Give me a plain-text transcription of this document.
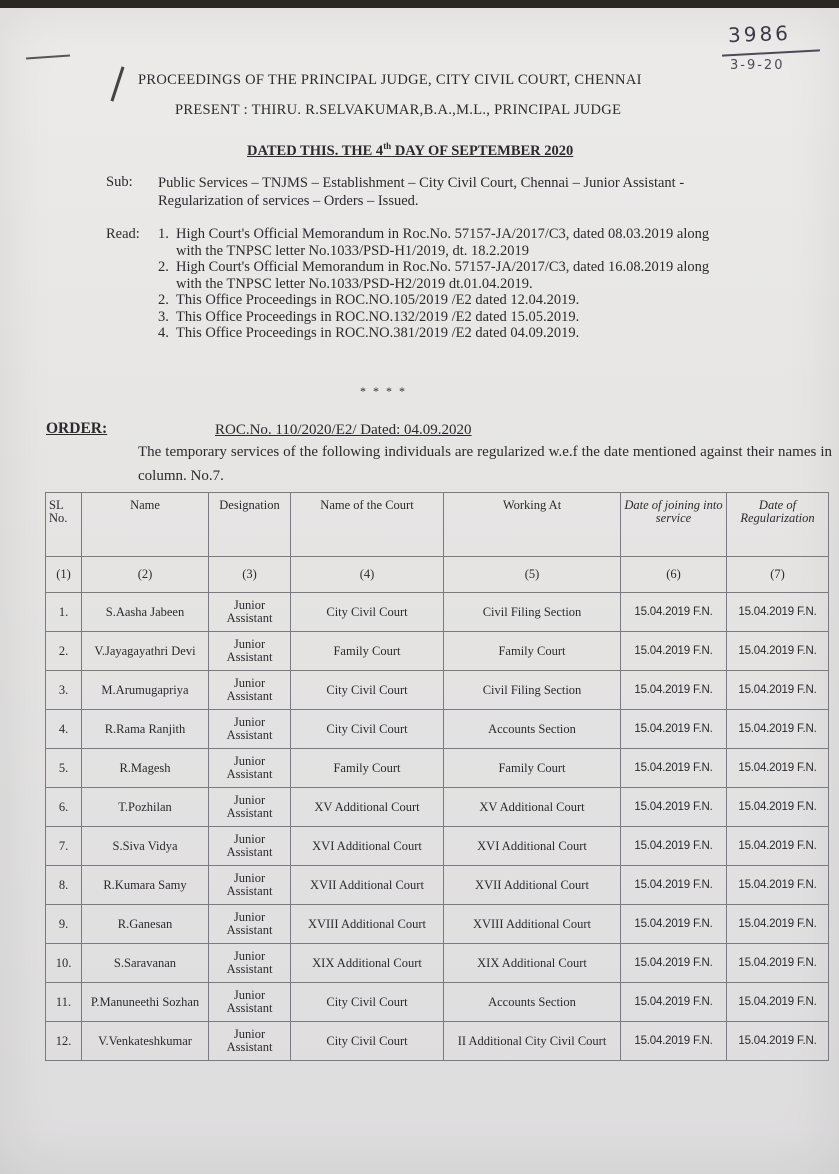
3986
3-9-20
PROCEEDINGS OF THE PRINCIPAL JUDGE, CITY CIVIL COURT, CHENNAI
PRESENT : THIRU. R.SELVAKUMAR,B.A.,M.L., PRINCIPAL JUDGE
DATED THIS. THE 4th DAY OF SEPTEMBER 2020
Sub: Public Services – TNJMS – Establishment – City Civil Court, Chennai – Junior Assistant - Regularization of services – Orders – Issued.
Read: 1. High Court's Official Memorandum in Roc.No. 57157-JA/2017/C3, dated 08.03.2019 along with the TNPSC letter No.1033/PSD-H1/2019, dt. 18.2.2019
2. High Court's Official Memorandum in Roc.No. 57157-JA/2017/C3, dated 16.08.2019 along with the TNPSC letter No.1033/PSD-H2/2019 dt.01.04.2019.
2. This Office Proceedings in ROC.NO.105/2019 /E2 dated 12.04.2019.
3. This Office Proceedings in ROC.NO.132/2019 /E2 dated 15.05.2019.
4. This Office Proceedings in ROC.NO.381/2019 /E2 dated 04.09.2019.
* * * *
ORDER:	ROC.No. 110/2020/E2/ Dated: 04.09.2020
The temporary services of the following individuals are regularized w.e.f the date mentioned against their names in column. No.7.
SL No.	Name	Designation	Name of the Court	Working At	Date of joining into service	Date of Regularization
(1)	(2)	(3)	(4)	(5)	(6)	(7)
1.	S.Aasha Jabeen	Junior Assistant	City Civil Court	Civil Filing Section	15.04.2019 F.N.	15.04.2019 F.N.
2.	V.Jayagayathri Devi	Junior Assistant	Family Court	Family Court	15.04.2019 F.N.	15.04.2019 F.N.
3.	M.Arumugapriya	Junior Assistant	City Civil Court	Civil Filing Section	15.04.2019 F.N.	15.04.2019 F.N.
4.	R.Rama Ranjith	Junior Assistant	City Civil Court	Accounts Section	15.04.2019 F.N.	15.04.2019 F.N.
5.	R.Magesh	Junior Assistant	Family Court	Family Court	15.04.2019 F.N.	15.04.2019 F.N.
6.	T.Pozhilan	Junior Assistant	XV Additional Court	XV Additional Court	15.04.2019 F.N.	15.04.2019 F.N.
7.	S.Siva Vidya	Junior Assistant	XVI Additional Court	XVI Additional Court	15.04.2019 F.N.	15.04.2019 F.N.
8.	R.Kumara Samy	Junior Assistant	XVII Additional Court	XVII Additional Court	15.04.2019 F.N.	15.04.2019 F.N.
9.	R.Ganesan	Junior Assistant	XVIII Additional Court	XVIII Additional Court	15.04.2019 F.N.	15.04.2019 F.N.
10.	S.Saravanan	Junior Assistant	XIX Additional Court	XIX Additional Court	15.04.2019 F.N.	15.04.2019 F.N.
11.	P.Manuneethi Sozhan	Junior Assistant	City Civil Court	Accounts Section	15.04.2019 F.N.	15.04.2019 F.N.
12.	V.Venkateshkumar	Junior Assistant	City Civil Court	II Additional City Civil Court	15.04.2019 F.N.	15.04.2019 F.N.
